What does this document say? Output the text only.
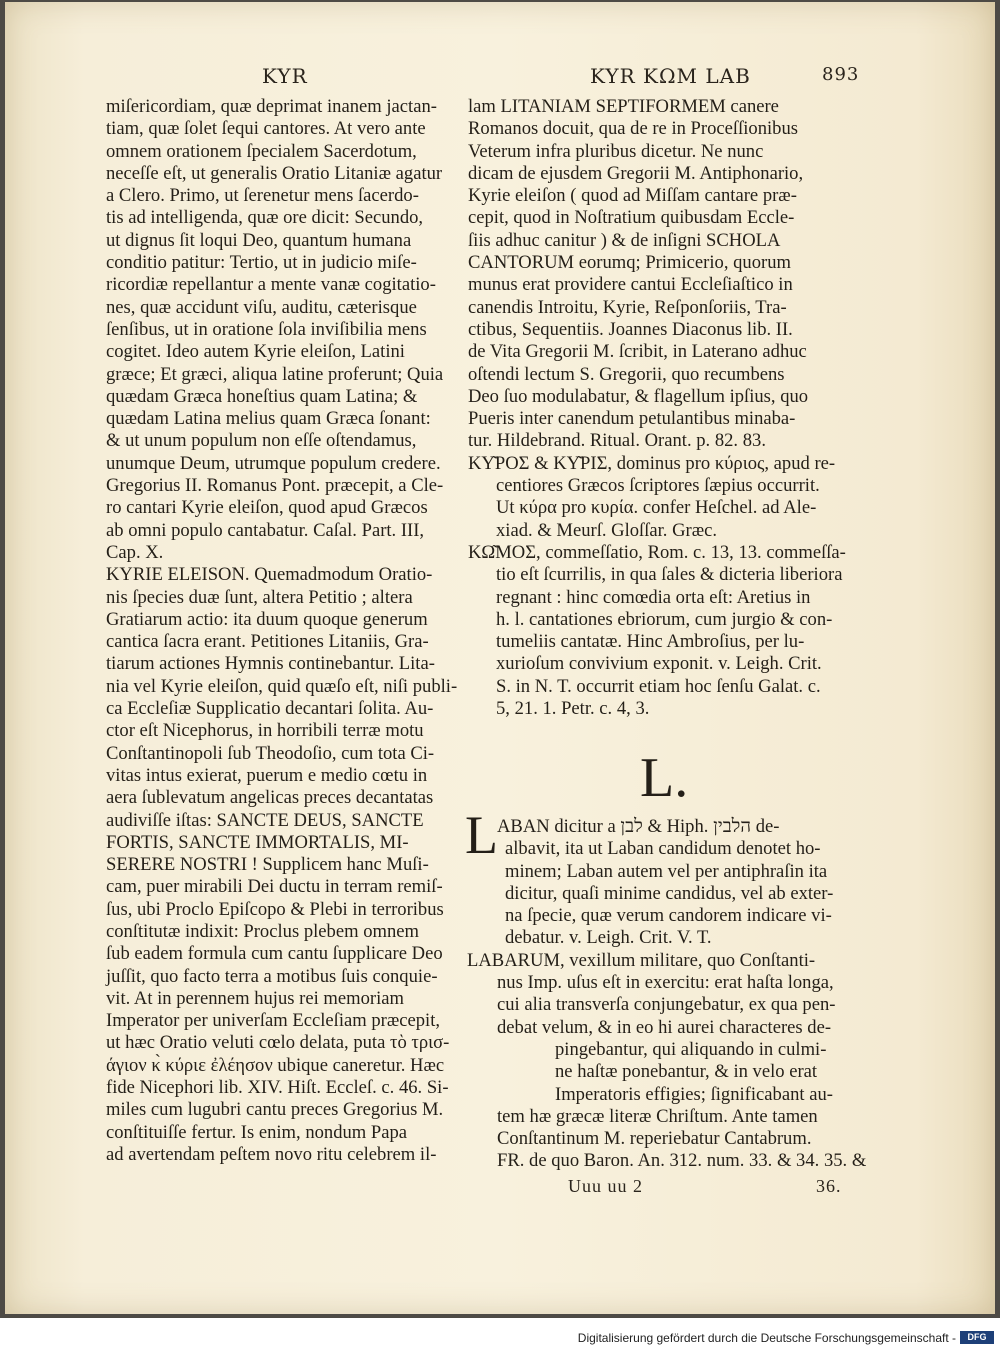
KYR	KYR KΩM LAB	893
miſericordiam, quæ deprimat inanem jactan-
tiam, quæ ſolet ſequi cantores. At vero ante
omnem orationem ſpecialem Sacerdotum,
neceſſe eſt, ut generalis Oratio Litaniæ agatur
a Clero. Primo, ut ſerenetur mens ſacerdo-
tis ad intelligenda, quæ ore dicit: Secundo,
ut dignus ſit loqui Deo, quantum humana
conditio patitur: Tertio, ut in judicio miſe-
ricordiæ repellantur a mente vanæ cogitatio-
nes, quæ accidunt viſu, auditu, cæterisque
ſenſibus, ut in oratione ſola inviſibilia mens
cogitet. Ideo autem Kyrie eleiſon, Latini
græce; Et græci, aliqua latine proferunt; Quia
quædam Græca honeſtius quam Latina; &
quædam Latina melius quam Græca ſonant:
& ut unum populum non eſſe oſtendamus,
unumque Deum, utrumque populum credere.
Gregorius II. Romanus Pont. præcepit, a Cle-
ro cantari Kyrie eleiſon, quod apud Græcos
ab omni populo cantabatur. Caſal. Part. III,
Cap. X.
KYRIE ELEISON. Quemadmodum Oratio-
nis ſpecies duæ ſunt, altera Petitio ; altera
Gratiarum actio: ita duum quoque generum
cantica ſacra erant. Petitiones Litaniis, Gra-
tiarum actiones Hymnis continebantur. Lita-
nia vel Kyrie eleiſon, quid quæſo eſt, niſi publi-
ca Eccleſiæ Supplicatio decantari ſolita. Au-
ctor eſt Nicephorus, in horribili terræ motu
Conſtantinopoli ſub Theodoſio, cum tota Ci-
vitas intus exierat, puerum e medio cœtu in
aera ſublevatum angelicas preces decantatas
audiviſſe iſtas: SANCTE DEUS, SANCTE
FORTIS, SANCTE IMMORTALIS, MI-
SERERE NOSTRI ! Supplicem hanc Muſi-
cam, puer mirabili Dei ductu in terram remiſ-
ſus, ubi Proclo Epiſcopo & Plebi in terroribus
conſtitutæ indixit: Proclus plebem omnem
ſub eadem formula cum cantu ſupplicare Deo
juſſit, quo facto terra a motibus ſuis conquie-
vit. At in perennem hujus rei memoriam
Imperator per univerſam Eccleſiam præcepit,
ut hæc Oratio veluti cœlo delata, puta τὸ τρισ-
άγιον κ̀ κύριε ἐλέησον ubique caneretur. Hæc
fide Nicephori lib. XIV. Hiſt. Eccleſ. c. 46. Si-
miles cum lugubri cantu preces Gregorius M.
conſtituiſſe fertur. Is enim, nondum Papa
ad avertendam peſtem novo ritu celebrem il-
lam LITANIAM SEPTIFORMEM canere
Romanos docuit, qua de re in Proceſſionibus
Veterum infra pluribus dicetur. Ne nunc
dicam de ejusdem Gregorii M. Antiphonario,
Kyrie eleiſon ( quod ad Miſſam cantare præ-
cepit, quod in Noſtratium quibusdam Eccle-
ſiis adhuc canitur ) & de inſigni SCHOLA
CANTORUM eorumq; Primicerio, quorum
munus erat providere cantui Eccleſiaſtico in
canendis Introitu, Kyrie, Reſponſoriis, Tra-
ctibus, Sequentiis. Joannes Diaconus lib. II.
de Vita Gregorii M. ſcribit, in Laterano adhuc
oſtendi lectum S. Gregorii, quo recumbens
Deo ſuo modulabatur, & flagellum ipſius, quo
Pueris inter canendum petulantibus minaba-
tur. Hildebrand. Ritual. Orant. p. 82. 83.
ΚΥ͂ΡΟΣ & ΚΥ͂ΡΙΣ, dominus pro κύριος, apud re-
centiores Græcos ſcriptores ſæpius occurrit.
Ut κύρα pro κυρία. confer Heſchel. ad Ale-
xiad. & Meurſ. Gloſſar. Græc.
ΚΩ͂ΜΟΣ, commeſſatio, Rom. c. 13, 13. commeſſa-
tio eſt ſcurrilis, in qua ſales & dicteria liberiora
regnant : hinc comœdia orta eſt: Aretius in
h. l. cantationes ebriorum, cum jurgio & con-
tumeliis cantatæ. Hinc Ambroſius, per lu-
xurioſum convivium exponit. v. Leigh. Crit.
S. in N. T. occurrit etiam hoc ſenſu Galat. c.
5, 21. 1. Petr. c. 4, 3.
L.
L ABAN dicitur a לבן & Hiph. הלבין de-
albavit, ita ut Laban candidum denotet ho-
minem; Laban autem vel per antiphraſin ita
dicitur, quaſi minime candidus, vel ab exter-
na ſpecie, quæ verum candorem indicare vi-
debatur. v. Leigh. Crit. V. T.
LABARUM, vexillum militare, quo Conſtanti-
nus Imp. uſus eſt in exercitu: erat haſta longa,
cui alia transverſa conjungebatur, ex qua pen-
debat velum, & in eo hi aurei characteres de-
pingebantur, qui aliquando in culmi-
ne haſtæ ponebantur, & in velo erat
Imperatoris effigies; ſignificabant au-
tem hæ græcæ literæ Chriſtum. Ante tamen
Conſtantinum M. reperiebatur Cantabrum.
FR. de quo Baron. An. 312. num. 33. & 34. 35. &
Uuu uu 2	36.
Digitalisierung gefördert durch die Deutsche Forschungsgemeinschaft -	DFG
